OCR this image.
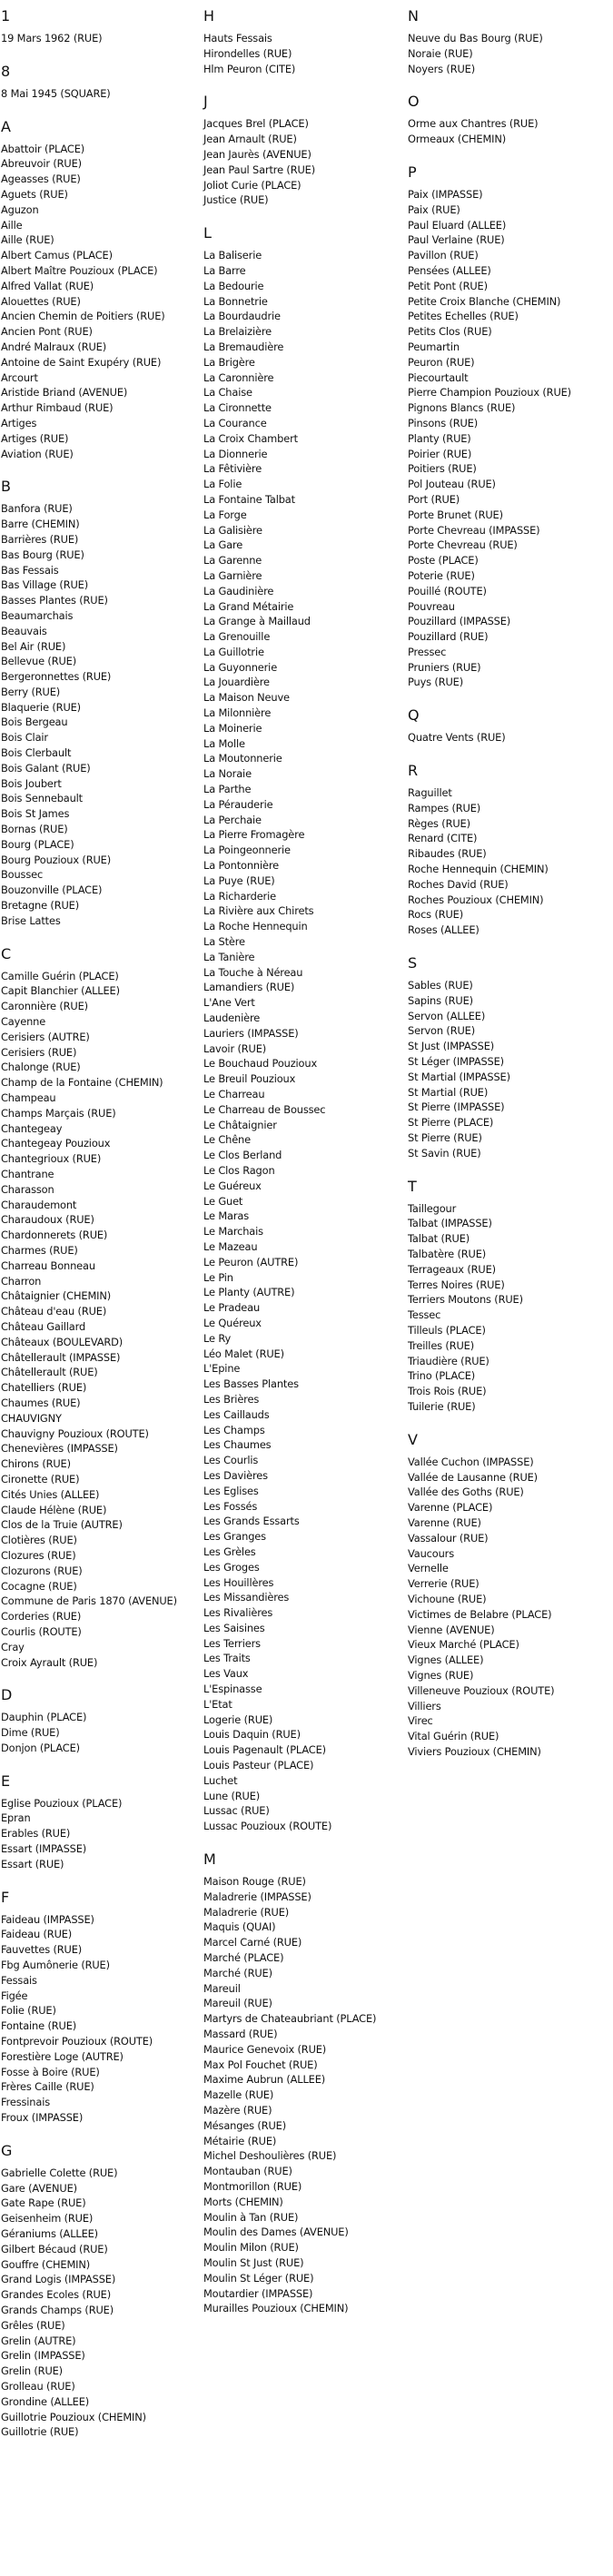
1
19 Mars 1962 (RUE)
8
8 Mai 1945 (SQUARE)
A
Abattoir (PLACE)
Abreuvoir (RUE)
Ageasses (RUE)
Aguets (RUE)
Aguzon
Aille
Aille (RUE)
Albert Camus (PLACE)
Albert Maître Pouzioux (PLACE)
Alfred Vallat (RUE)
Alouettes (RUE)
Ancien Chemin de Poitiers (RUE)
Ancien Pont (RUE)
André Malraux (RUE)
Antoine de Saint Exupéry (RUE)
Arcourt
Aristide Briand (AVENUE)
Arthur Rimbaud (RUE)
Artiges
Artiges (RUE)
Aviation (RUE)
B
Banfora (RUE)
Barre (CHEMIN)
Barrières (RUE)
Bas Bourg (RUE)
Bas Fessais
Bas Village (RUE)
Basses Plantes (RUE)
Beaumarchais
Beauvais
Bel Air (RUE)
Bellevue (RUE)
Bergeronnettes (RUE)
Berry (RUE)
Blaquerie (RUE)
Bois Bergeau
Bois Clair
Bois Clerbault
Bois Galant (RUE)
Bois Joubert
Bois Sennebault
Bois St James
Bornas (RUE)
Bourg (PLACE)
Bourg Pouzioux (RUE)
Boussec
Bouzonville (PLACE)
Bretagne (RUE)
Brise Lattes
C
Camille Guérin (PLACE)
Capit Blanchier (ALLEE)
Caronnière (RUE)
Cayenne
Cerisiers (AUTRE)
Cerisiers (RUE)
Chalonge (RUE)
Champ de la Fontaine (CHEMIN)
Champeau
Champs Marçais (RUE)
Chantegeay
Chantegeay Pouzioux
Chantegrioux (RUE)
Chantrane
Charasson
Charaudemont
Charaudoux (RUE)
Chardonnerets (RUE)
Charmes (RUE)
Charreau Bonneau
Charron
Châtaignier (CHEMIN)
Château d'eau (RUE)
Château Gaillard
Châteaux (BOULEVARD)
Châtellerault (IMPASSE)
Châtellerault (RUE)
Chatelliers (RUE)
Chaumes (RUE)
CHAUVIGNY
Chauvigny Pouzioux (ROUTE)
Chenevières (IMPASSE)
Chirons (RUE)
Cironette (RUE)
Cités Unies (ALLEE)
Claude Hélène (RUE)
Clos de la Truie (AUTRE)
Clotières (RUE)
Clozures (RUE)
Clozurons (RUE)
Cocagne (RUE)
Commune de Paris 1870 (AVENUE)
Corderies (RUE)
Courlis (ROUTE)
Cray
Croix Ayrault (RUE)
D
Dauphin (PLACE)
Dime (RUE)
Donjon (PLACE)
E
Eglise Pouzioux (PLACE)
Epran
Erables (RUE)
Essart (IMPASSE)
Essart (RUE)
F
Faideau (IMPASSE)
Faideau (RUE)
Fauvettes (RUE)
Fbg Aumônerie (RUE)
Fessais
Figée
Folie (RUE)
Fontaine (RUE)
Fontprevoir Pouzioux (ROUTE)
Forestière Loge (AUTRE)
Fosse à Boire (RUE)
Frères Caille (RUE)
Fressinais
Froux (IMPASSE)
G
Gabrielle Colette (RUE)
Gare (AVENUE)
Gate Rape (RUE)
Geisenheim (RUE)
Géraniums (ALLEE)
Gilbert Bécaud (RUE)
Gouffre (CHEMIN)
Grand Logis (IMPASSE)
Grandes Ecoles (RUE)
Grands Champs (RUE)
Grêles (RUE)
Grelin (AUTRE)
Grelin (IMPASSE)
Grelin (RUE)
Grolleau (RUE)
Grondine (ALLEE)
Guillotrie Pouzioux (CHEMIN)
Guillotrie (RUE)
H
Hauts Fessais
Hirondelles (RUE)
Hlm Peuron (CITE)
J
Jacques Brel (PLACE)
Jean Arnault (RUE)
Jean Jaurès (AVENUE)
Jean Paul Sartre (RUE)
Joliot Curie (PLACE)
Justice (RUE)
L
La Baliserie
La Barre
La Bedourie
La Bonnetrie
La Bourdaudrie
La Brelaizière
La Bremaudière
La Brigère
La Caronnière
La Chaise
La Cironnette
La Courance
La Croix Chambert
La Dionnerie
La Fêtivière
La Folie
La Fontaine Talbat
La Forge
La Galisière
La Gare
La Garenne
La Garnière
La Gaudinière
La Grand Métairie
La Grange à Maillaud
La Grenouille
La Guillotrie
La Guyonnerie
La Jouardière
La Maison Neuve
La Milonnière
La Moinerie
La Molle
La Moutonnerie
La Noraie
La Parthe
La Pérauderie
La Perchaie
La Pierre Fromagère
La Poingeonnerie
La Pontonnière
La Puye (RUE)
La Richarderie
La Rivière aux Chirets
La Roche Hennequin
La Stère
La Tanière
La Touche à Néreau
Lamandiers (RUE)
L'Ane Vert
Laudenière
Lauriers (IMPASSE)
Lavoir (RUE)
Le Bouchaud Pouzioux
Le Breuil Pouzioux
Le Charreau
Le Charreau de Boussec
Le Châtaignier
Le Chêne
Le Clos Berland
Le Clos Ragon
Le Guéreux
Le Guet
Le Maras
Le Marchais
Le Mazeau
Le Peuron (AUTRE)
Le Pin
Le Planty (AUTRE)
Le Pradeau
Le Quéreux
Le Ry
Léo Malet (RUE)
L'Epine
Les Basses Plantes
Les Brières
Les Caillauds
Les Champs
Les Chaumes
Les Courlis
Les Davières
Les Eglises
Les Fossés
Les Grands Essarts
Les Granges
Les Grèles
Les Groges
Les Houillères
Les Missandières
Les Rivalières
Les Saisines
Les Terriers
Les Traits
Les Vaux
L'Espinasse
L'Etat
Logerie (RUE)
Louis Daquin (RUE)
Louis Pagenault (PLACE)
Louis Pasteur (PLACE)
Luchet
Lune (RUE)
Lussac (RUE)
Lussac Pouzioux (ROUTE)
M
Maison Rouge (RUE)
Maladrerie (IMPASSE)
Maladrerie (RUE)
Maquis (QUAI)
Marcel Carné (RUE)
Marché (PLACE)
Marché (RUE)
Mareuil
Mareuil (RUE)
Martyrs de Chateaubriant (PLACE)
Massard (RUE)
Maurice Genevoix (RUE)
Max Pol Fouchet (RUE)
Maxime Aubrun (ALLEE)
Mazelle (RUE)
Mazère (RUE)
Mésanges (RUE)
Métairie (RUE)
Michel Deshoulières (RUE)
Montauban (RUE)
Montmorillon (RUE)
Morts (CHEMIN)
Moulin à Tan (RUE)
Moulin des Dames (AVENUE)
Moulin Milon (RUE)
Moulin St Just (RUE)
Moulin St Léger (RUE)
Moutardier (IMPASSE)
Murailles Pouzioux (CHEMIN)
N
Neuve du Bas Bourg (RUE)
Noraie (RUE)
Noyers (RUE)
O
Orme aux Chantres (RUE)
Ormeaux (CHEMIN)
P
Paix (IMPASSE)
Paix (RUE)
Paul Eluard (ALLEE)
Paul Verlaine (RUE)
Pavillon (RUE)
Pensées (ALLEE)
Petit Pont (RUE)
Petite Croix Blanche (CHEMIN)
Petites Echelles (RUE)
Petits Clos (RUE)
Peumartin
Peuron (RUE)
Piecourtault
Pierre Champion Pouzioux (RUE)
Pignons Blancs (RUE)
Pinsons (RUE)
Planty (RUE)
Poirier (RUE)
Poitiers (RUE)
Pol Jouteau (RUE)
Port (RUE)
Porte Brunet (RUE)
Porte Chevreau (IMPASSE)
Porte Chevreau (RUE)
Poste (PLACE)
Poterie (RUE)
Pouillé (ROUTE)
Pouvreau
Pouzillard (IMPASSE)
Pouzillard (RUE)
Pressec
Pruniers (RUE)
Puys (RUE)
Q
Quatre Vents (RUE)
R
Raguillet
Rampes (RUE)
Règes (RUE)
Renard (CITE)
Ribaudes (RUE)
Roche Hennequin (CHEMIN)
Roches David (RUE)
Roches Pouzioux (CHEMIN)
Rocs (RUE)
Roses (ALLEE)
S
Sables (RUE)
Sapins (RUE)
Servon (ALLEE)
Servon (RUE)
St Just (IMPASSE)
St Léger (IMPASSE)
St Martial (IMPASSE)
St Martial (RUE)
St Pierre (IMPASSE)
St Pierre (PLACE)
St Pierre (RUE)
St Savin (RUE)
T
Taillegour
Talbat (IMPASSE)
Talbat (RUE)
Talbatère (RUE)
Terrageaux (RUE)
Terres Noires (RUE)
Terriers Moutons (RUE)
Tessec
Tilleuls (PLACE)
Treilles (RUE)
Triaudière (RUE)
Trino (PLACE)
Trois Rois (RUE)
Tuilerie (RUE)
V
Vallée Cuchon (IMPASSE)
Vallée de Lausanne (RUE)
Vallée des Goths (RUE)
Varenne (PLACE)
Varenne (RUE)
Vassalour (RUE)
Vaucours
Vernelle
Verrerie (RUE)
Vichoune (RUE)
Victimes de Belabre (PLACE)
Vienne (AVENUE)
Vieux Marché (PLACE)
Vignes (ALLEE)
Vignes (RUE)
Villeneuve Pouzioux (ROUTE)
Villiers
Virec
Vital Guérin (RUE)
Viviers Pouzioux (CHEMIN)
